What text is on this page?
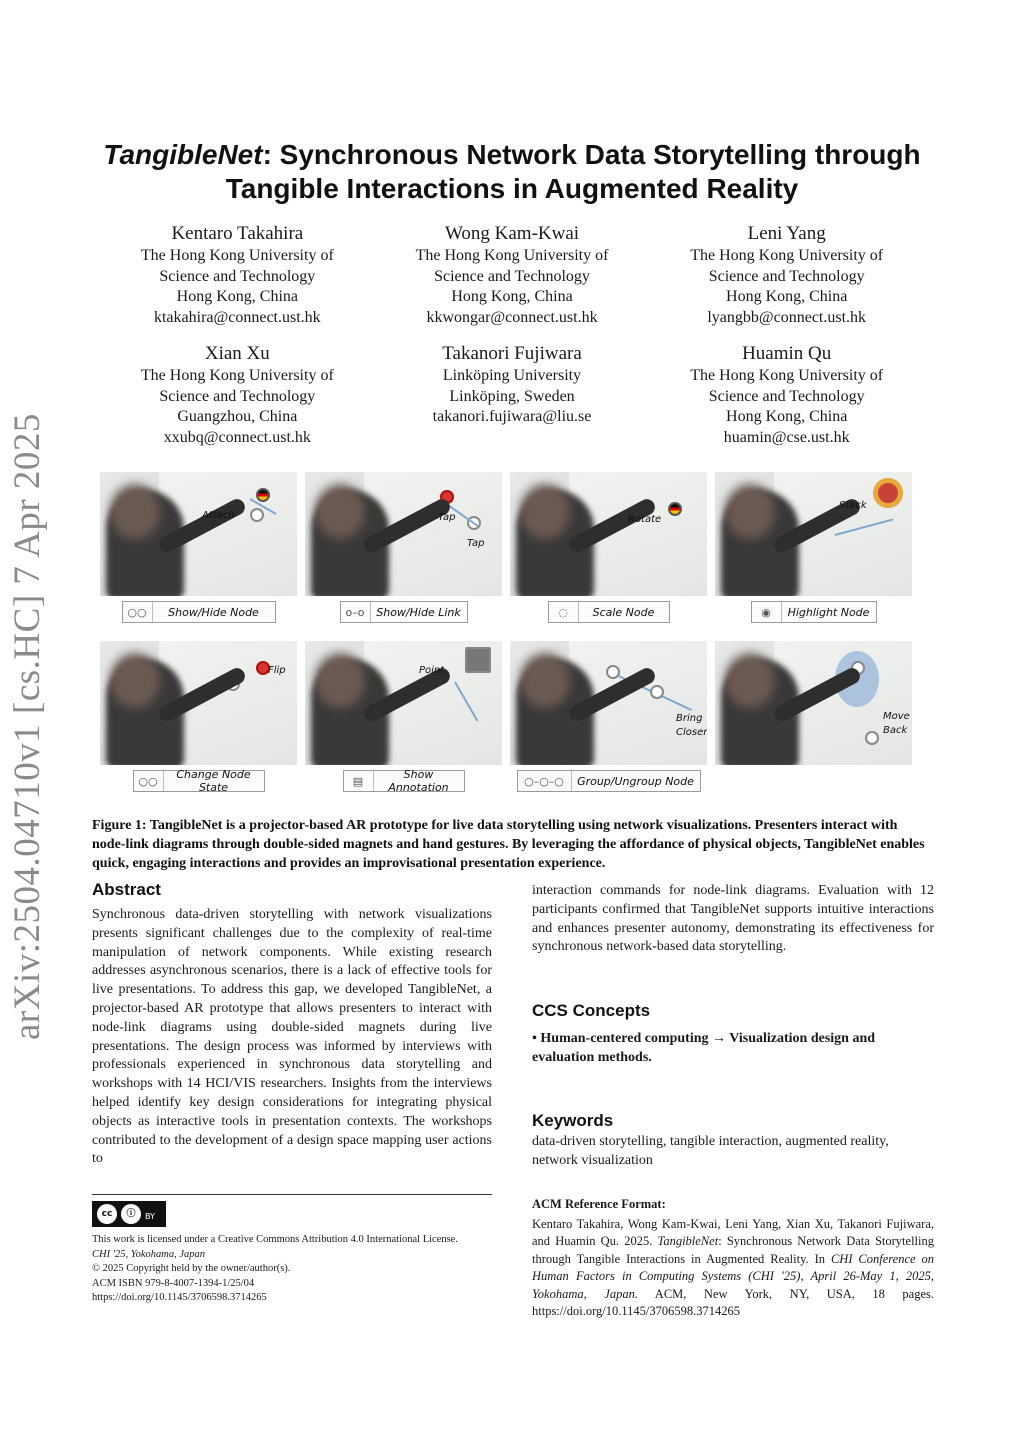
arXiv:2504.04710v1 [cs.HC] 7 Apr 2025
TangibleNet: Synchronous Network Data Storytelling through Tangible Interactions in Augmented Reality
Kentaro Takahira
The Hong Kong University of
Science and Technology
Hong Kong, China
ktakahira@connect.ust.hk
Wong Kam-Kwai
The Hong Kong University of
Science and Technology
Hong Kong, China
kkwongar@connect.ust.hk
Leni Yang
The Hong Kong University of
Science and Technology
Hong Kong, China
lyangbb@connect.ust.hk
Xian Xu
The Hong Kong University of
Science and Technology
Guangzhou, China
xxubq@connect.ust.hk
Takanori Fujiwara
Linköping University
Linköping, Sweden
takanori.fujiwara@liu.se
Huamin Qu
The Hong Kong University of
Science and Technology
Hong Kong, China
huamin@cse.ust.hk
Attach
○○	Show/Hide Node
Tap
Tap
o–o	Show/Hide Link
Rotate
◌	Scale Node
Stack
◉	Highlight Node
Flip
○○	Change Node State
Point
▤	Show Annotation
Bring
Closer
○–○–○	Group/Ungroup Node
Move
Back

Figure 1: TangibleNet is a projector-based AR prototype for live data storytelling using network visualizations. Presenters interact with node-link diagrams through double-sided magnets and hand gestures. By leveraging the affordance of physical objects, TangibleNet enables quick, engaging interactions and provides an improvisational presentation experience.

Abstract

Synchronous data-driven storytelling with network visualizations presents significant challenges due to the complexity of real-time manipulation of network components. While existing research addresses asynchronous scenarios, there is a lack of effective tools for live presentations. To address this gap, we developed TangibleNet, a projector-based AR prototype that allows presenters to interact with node-link diagrams using double-sided magnets during live presentations. The design process was informed by interviews with professionals experienced in synchronous data storytelling and workshops with 14 HCI/VIS researchers. Insights from the interviews helped identify key design considerations for integrating physical objects as interactive tools in presentation contexts. The workshops contributed to the development of a design space mapping user actions to

interaction commands for node-link diagrams. Evaluation with 12 participants confirmed that TangibleNet supports intuitive interactions and enhances presenter autonomy, demonstrating its effectiveness for synchronous network-based data storytelling.

CCS Concepts

• Human-centered computing → Visualization design and evaluation methods.

Keywords

data-driven storytelling, tangible interaction, augmented reality, network visualization

cc	ⓘ	BY
This work is licensed under a Creative Commons Attribution 4.0 International License.
CHI '25, Yokohama, Japan
© 2025 Copyright held by the owner/author(s).
ACM ISBN 979-8-4007-1394-1/25/04
https://doi.org/10.1145/3706598.3714265
ACM Reference Format:
Kentaro Takahira, Wong Kam-Kwai, Leni Yang, Xian Xu, Takanori Fujiwara, and Huamin Qu. 2025. TangibleNet: Synchronous Network Data Storytelling through Tangible Interactions in Augmented Reality. In CHI Conference on Human Factors in Computing Systems (CHI '25), April 26-May 1, 2025, Yokohama, Japan. ACM, New York, NY, USA, 18 pages. https://doi.org/10.1145/3706598.3714265
